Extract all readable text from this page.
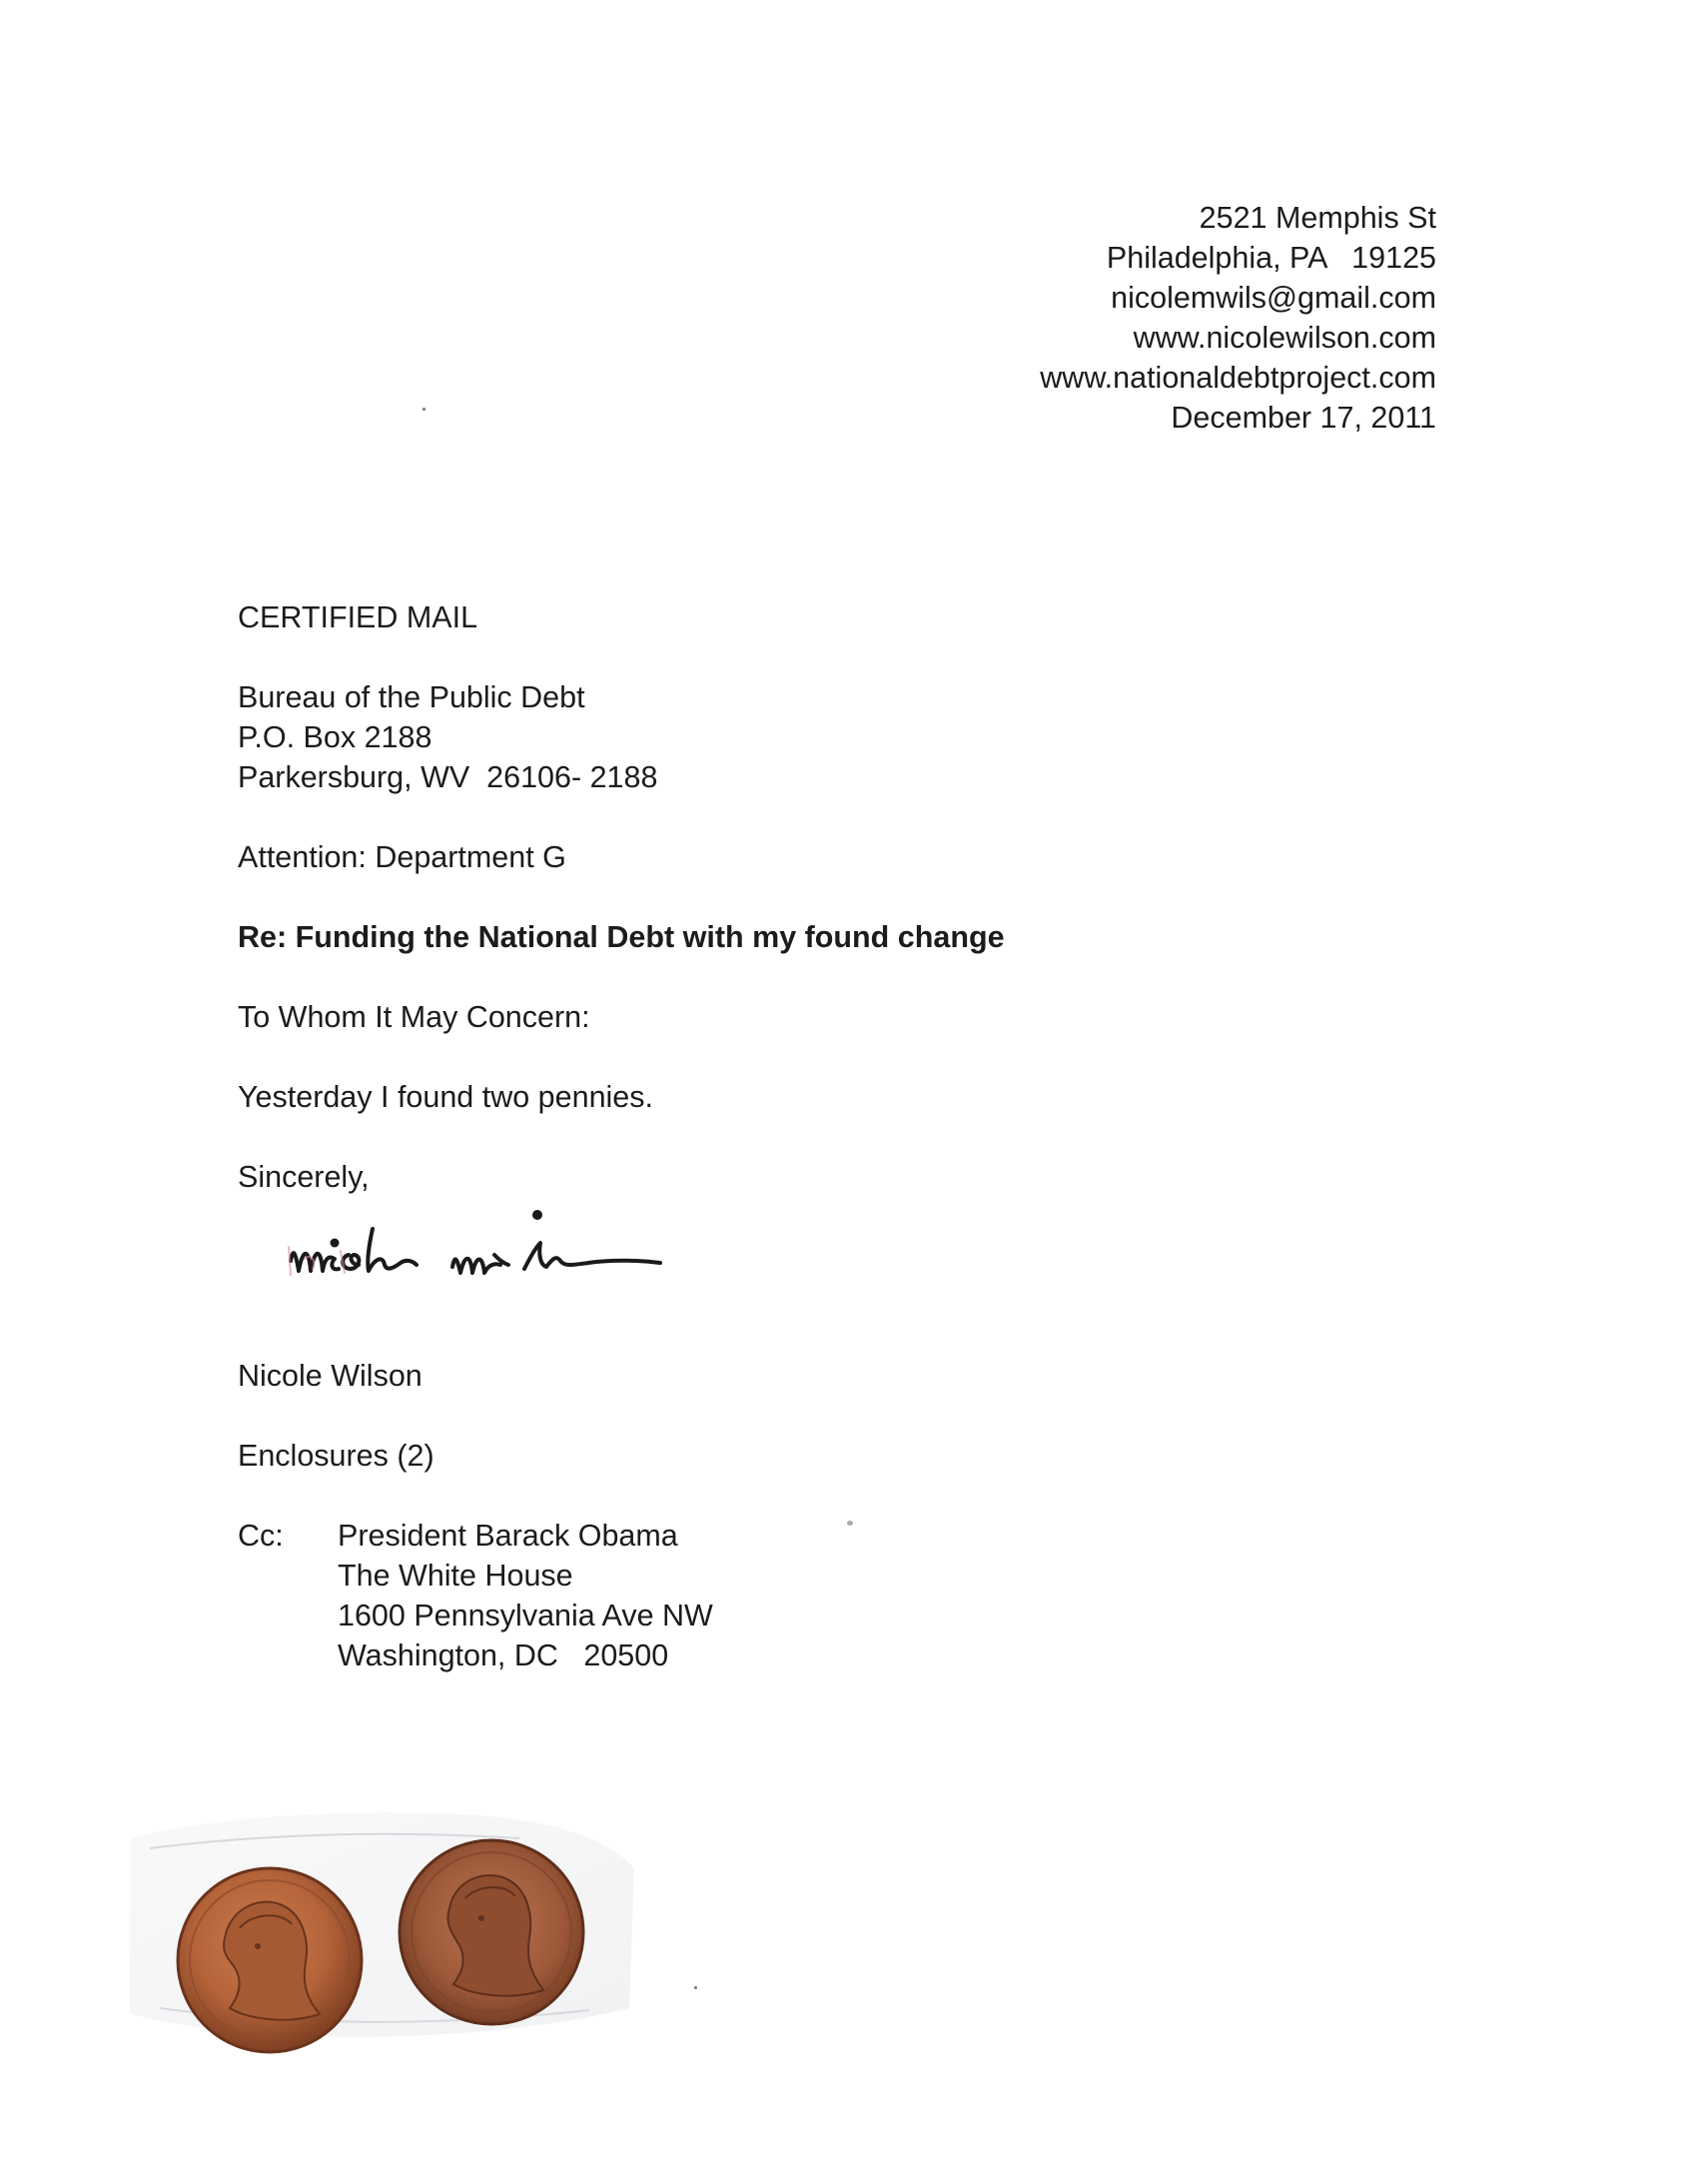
2521 Memphis St
Philadelphia, PA   19125
nicolemwils@gmail.com
www.nicolewilson.com
www.nationaldebtproject.com
December 17, 2011
CERTIFIED MAIL
Bureau of the Public Debt
P.O. Box 2188
Parkersburg, WV  26106- 2188
Attention: Department G
Re: Funding the National Debt with my found change
To Whom It May Concern:
Yesterday I found two pennies.
Sincerely,
Nicole Wilson
Enclosures (2)
Cc:	President Barack Obama
The White House
1600 Pennsylvania Ave NW
Washington, DC   20500
